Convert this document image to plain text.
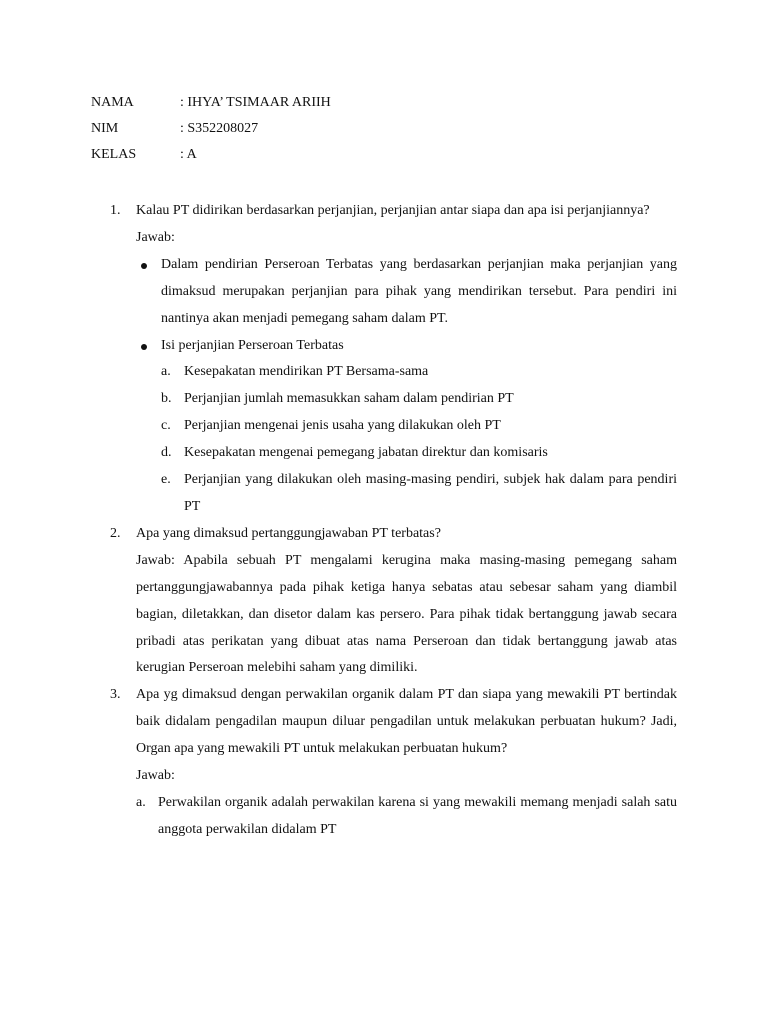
NAMA	: IHYA’ TSIMAAR ARIIH
NIM	: S352208027
KELAS	: A
1. Kalau PT didirikan berdasarkan perjanjian, perjanjian antar siapa dan apa isi perjanjiannya?
Jawab:
Dalam pendirian Perseroan Terbatas yang berdasarkan perjanjian maka perjanjian yang dimaksud merupakan perjanjian para pihak yang mendirikan tersebut. Para pendiri ini nantinya akan menjadi pemegang saham dalam PT.
Isi perjanjian Perseroan Terbatas
a. Kesepakatan mendirikan PT Bersama-sama
b. Perjanjian jumlah memasukkan saham dalam pendirian PT
c. Perjanjian mengenai jenis usaha yang dilakukan oleh PT
d. Kesepakatan mengenai pemegang jabatan direktur dan komisaris
e. Perjanjian yang dilakukan oleh masing-masing pendiri, subjek hak dalam para pendiri PT
2. Apa yang dimaksud pertanggungjawaban PT terbatas?
Jawab: Apabila sebuah PT mengalami kerugina maka masing-masing pemegang saham pertanggungjawabannya pada pihak ketiga hanya sebatas atau sebesar saham yang diambil bagian, diletakkan, dan disetor dalam kas persero. Para pihak tidak bertanggung jawab secara pribadi atas perikatan yang dibuat atas nama Perseroan dan tidak bertanggung jawab atas kerugian Perseroan melebihi saham yang dimiliki.
3. Apa yg dimaksud dengan perwakilan organik dalam PT dan siapa yang mewakili PT bertindak baik didalam pengadilan maupun diluar pengadilan untuk melakukan perbuatan hukum? Jadi, Organ apa yang mewakili PT untuk melakukan perbuatan hukum?
Jawab:
a. Perwakilan organik adalah perwakilan karena si yang mewakili memang menjadi salah satu anggota perwakilan didalam PT
